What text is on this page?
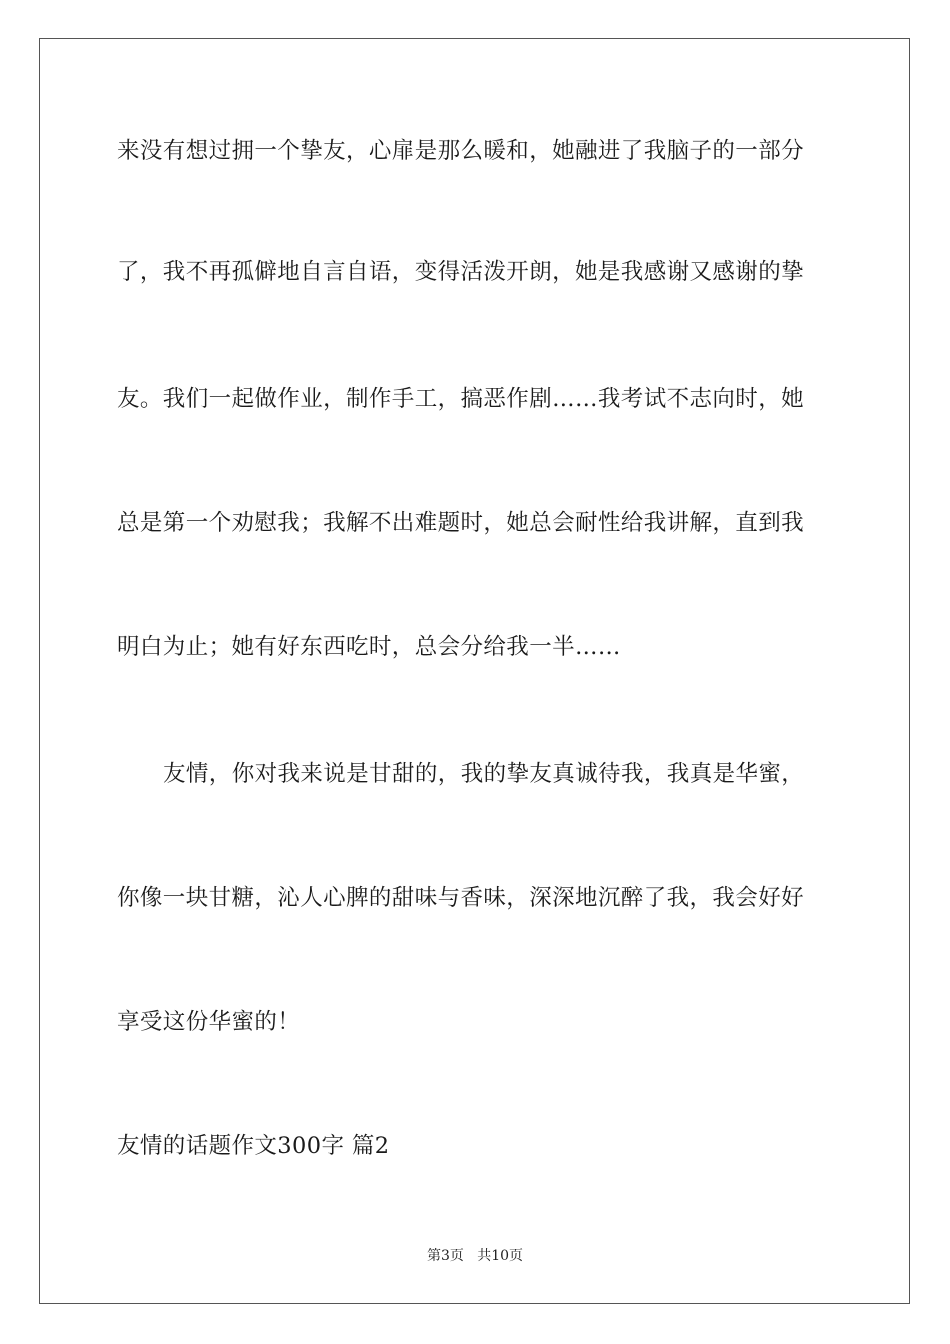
来没有想过拥一个挚友，心扉是那么暖和，她融进了我脑子的一部分
了，我不再孤僻地自言自语，变得活泼开朗，她是我感谢又感谢的挚
友。我们一起做作业，制作手工，搞恶作剧……我考试不志向时，她
总是第一个劝慰我；我解不出难题时，她总会耐性给我讲解，直到我
明白为止；她有好东西吃时，总会分给我一半……
友情，你对我来说是甘甜的，我的挚友真诚待我，我真是华蜜，
你像一块甘糖，沁人心脾的甜味与香味，深深地沉醉了我，我会好好
享受这份华蜜的！
友情的话题作文300字 篇2
第3页   共10页
